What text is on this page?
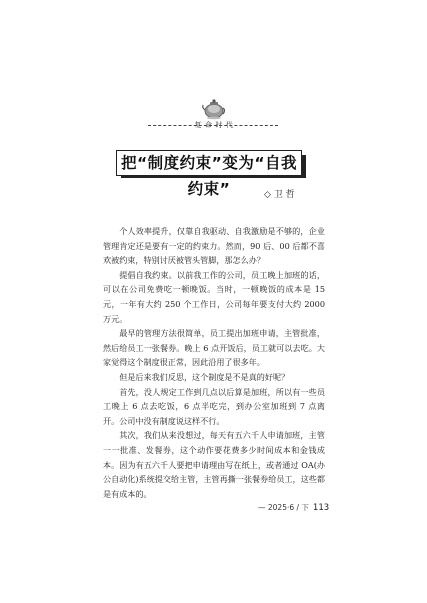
复 命 时 代
把“制度约束”变为“自我约束”	◇ 卫 哲

个人效率提升，仅靠自我驱动、自我激励是不够的，企业管理肯定还是要有一定的约束力。然而，90 后、00 后都不喜欢被约束，特别讨厌被管头管脚，那怎么办？

提倡自我约束。以前我工作的公司，员工晚上加班的话，可以在公司免费吃一顿晚饭。当时，一顿晚饭的成本是 15 元，一年有大约 250 个工作日，公司每年要支付大约 2000 万元。

最早的管理方法很简单，员工提出加班申请，主管批准，然后给员工一张餐券。晚上 6 点开饭后，员工就可以去吃。大家觉得这个制度很正常，因此沿用了很多年。

但是后来我们反思，这个制度是不是真的好呢？

首先，没人规定工作到几点以后算是加班，所以有一些员工晚上 6 点去吃饭，6 点半吃完，到办公室加班到 7 点离开。公司中没有制度说这样不行。

其次，我们从来没想过，每天有五六千人申请加班，主管一一批准、发餐券，这个动作要花费多少时间成本和金钱成本。因为有五六千人要把申请理由写在纸上，或者通过 OA(办公自动化)系统提交给主管，主管再撕一张餐券给员工，这些都是有成本的。

— 2025·6 / 下 113
